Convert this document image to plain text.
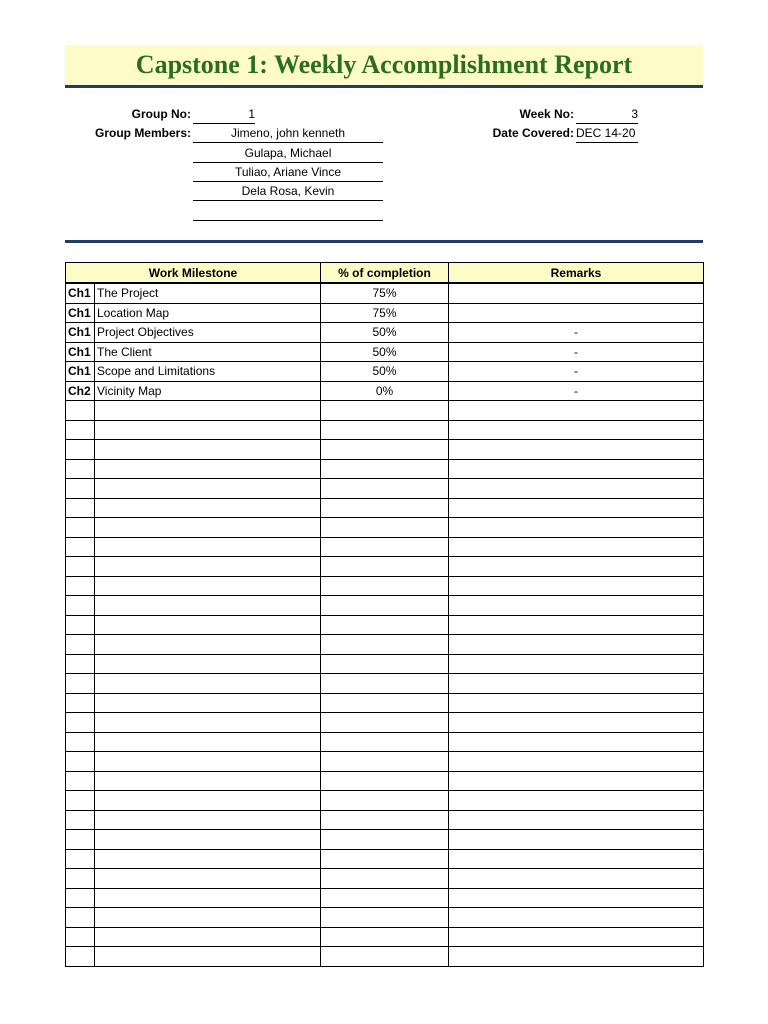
Capstone 1: Weekly Accomplishment Report
Group No:	1
Group Members:	Jimeno, john kenneth
Gulapa, Michael
Tuliao, Ariane Vince
Dela Rosa, Kevin
Week No:	3
Date Covered: DEC 14-20
Work Milestone		% of completion	Remarks
Ch1	The Project	75%	
Ch1	Location Map	75%	
Ch1	Project Objectives	50%	-
Ch1	The Client	50%	-
Ch1	Scope and Limitations	50%	-
Ch2	Vicinity Map	0%	-
